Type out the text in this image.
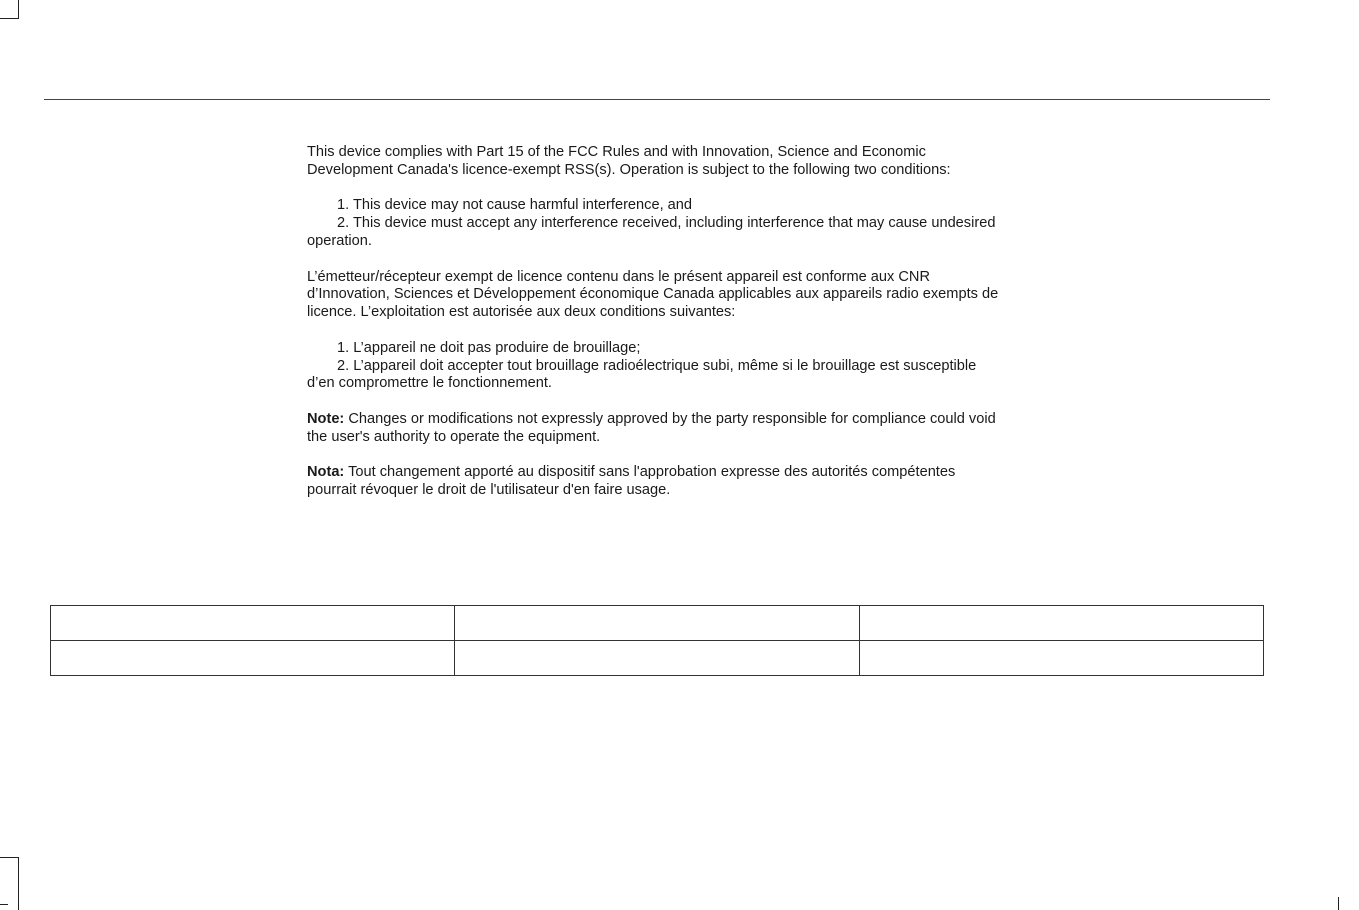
This device complies with Part 15 of the FCC Rules and with Innovation, Science and Economic Development Canada's licence-exempt RSS(s). Operation is subject to the following two conditions:

1. This device may not cause harmful interference, and

2. This device must accept any interference received, including interference that may cause undesired operation.

L’émetteur/récepteur exempt de licence contenu dans le présent appareil est conforme aux CNR d’Innovation, Sciences et Développement économique Canada applicables aux appareils radio exempts de licence. L’exploitation est autorisée aux deux conditions suivantes:

1. L’appareil ne doit pas produire de brouillage;

2. L’appareil doit accepter tout brouillage radioélectrique subi, même si le brouillage est susceptible d’en compromettre le fonctionnement.

Note: Changes or modifications not expressly approved by the party responsible for compliance could void the user's authority to operate the equipment.

Nota: Tout changement apporté au dispositif sans l'approbation expresse des autorités compétentes pourrait révoquer le droit de l'utilisateur d'en faire usage.
